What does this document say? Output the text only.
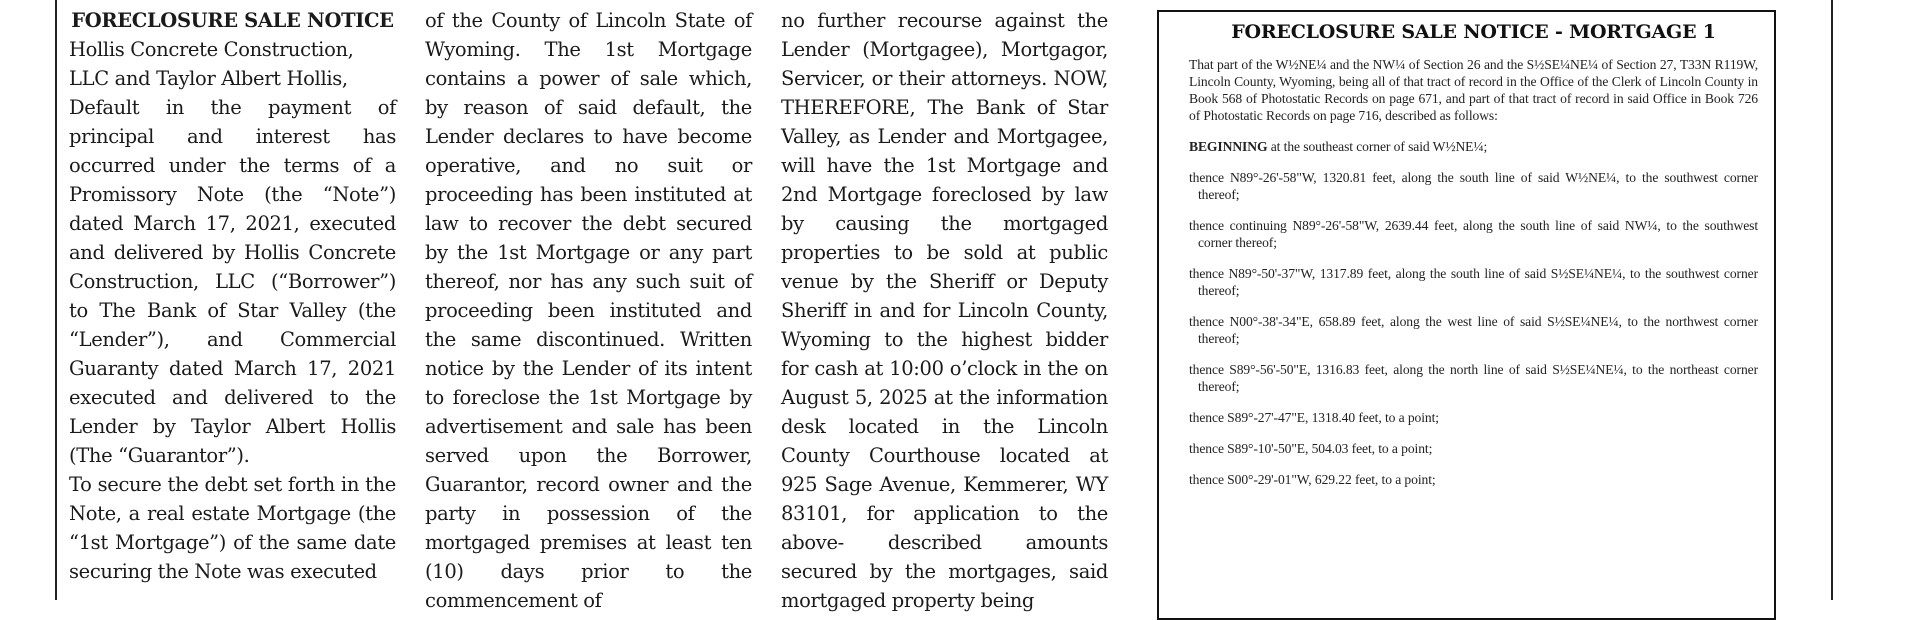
FORECLOSURE SALE NOTICE

Hollis Concrete Construction, LLC and Taylor Albert Hollis,

Default in the payment of principal and interest has occurred under the terms of a Promissory Note (the “Note”) dated March 17, 2021, executed and delivered by Hollis Concrete Construction, LLC (“Borrower”) to The Bank of Star Valley (the “Lender”), and Commercial Guaranty dated March 17, 2021 executed and delivered to the Lender by Taylor Albert Hollis (The “Guarantor”).

To secure the debt set forth in the Note, a real estate Mortgage (the “1st Mortgage”) of the same date securing the Note was executed

of the County of Lincoln State of Wyoming. The 1st Mortgage contains a power of sale which, by reason of said default, the Lender declares to have become operative, and no suit or proceeding has been instituted at law to recover the debt secured by the 1st Mortgage or any part thereof, nor has any such suit of proceeding been instituted and the same discontinued. Written notice by the Lender of its intent to foreclose the 1st Mortgage by advertisement and sale has been served upon the Borrower, Guarantor, record owner and the party in possession of the mortgaged premises at least ten (10) days prior to the commencement of

no further recourse against the Lender (Mortgagee), Mortgagor, Servicer, or their attorneys. NOW, THEREFORE, The Bank of Star Valley, as Lender and Mortgagee, will have the 1st Mortgage and 2nd Mortgage foreclosed by law by causing the mortgaged properties to be sold at public venue by the Sheriff or Deputy Sheriff in and for Lincoln County, Wyoming to the highest bidder for cash at 10:00 o’clock in the on August 5, 2025 at the information desk located in the Lincoln County Courthouse located at 925 Sage Avenue, Kemmerer, WY 83101, for application to the above- described amounts secured by the mortgages, said mortgaged property being

FORECLOSURE SALE NOTICE - MORTGAGE 1

That part of the W½NE¼ and the NW¼ of Section 26 and the S½SE¼NE¼ of Section 27, T33N R119W, Lincoln County, Wyoming, being all of that tract of record in the Office of the Clerk of Lincoln County in Book 568 of Photostatic Records on page 671, and part of that tract of record in said Office in Book 726 of Photostatic Records on page 716, described as follows:

BEGINNING at the southeast corner of said W½NE¼;

thence N89°-26'-58"W, 1320.81 feet, along the south line of said W½NE¼, to the southwest corner thereof;

thence continuing N89°-26'-58"W, 2639.44 feet, along the south line of said NW¼, to the southwest corner thereof;

thence N89°-50'-37"W, 1317.89 feet, along the south line of said S½SE¼NE¼, to the southwest corner thereof;

thence N00°-38'-34"E, 658.89 feet, along the west line of said S½SE¼NE¼, to the northwest corner thereof;

thence S89°-56'-50"E, 1316.83 feet, along the north line of said S½SE¼NE¼, to the northeast corner thereof;

thence S89°-27'-47"E, 1318.40 feet, to a point;

thence S89°-10'-50"E, 504.03 feet, to a point;

thence S00°-29'-01"W, 629.22 feet, to a point;
